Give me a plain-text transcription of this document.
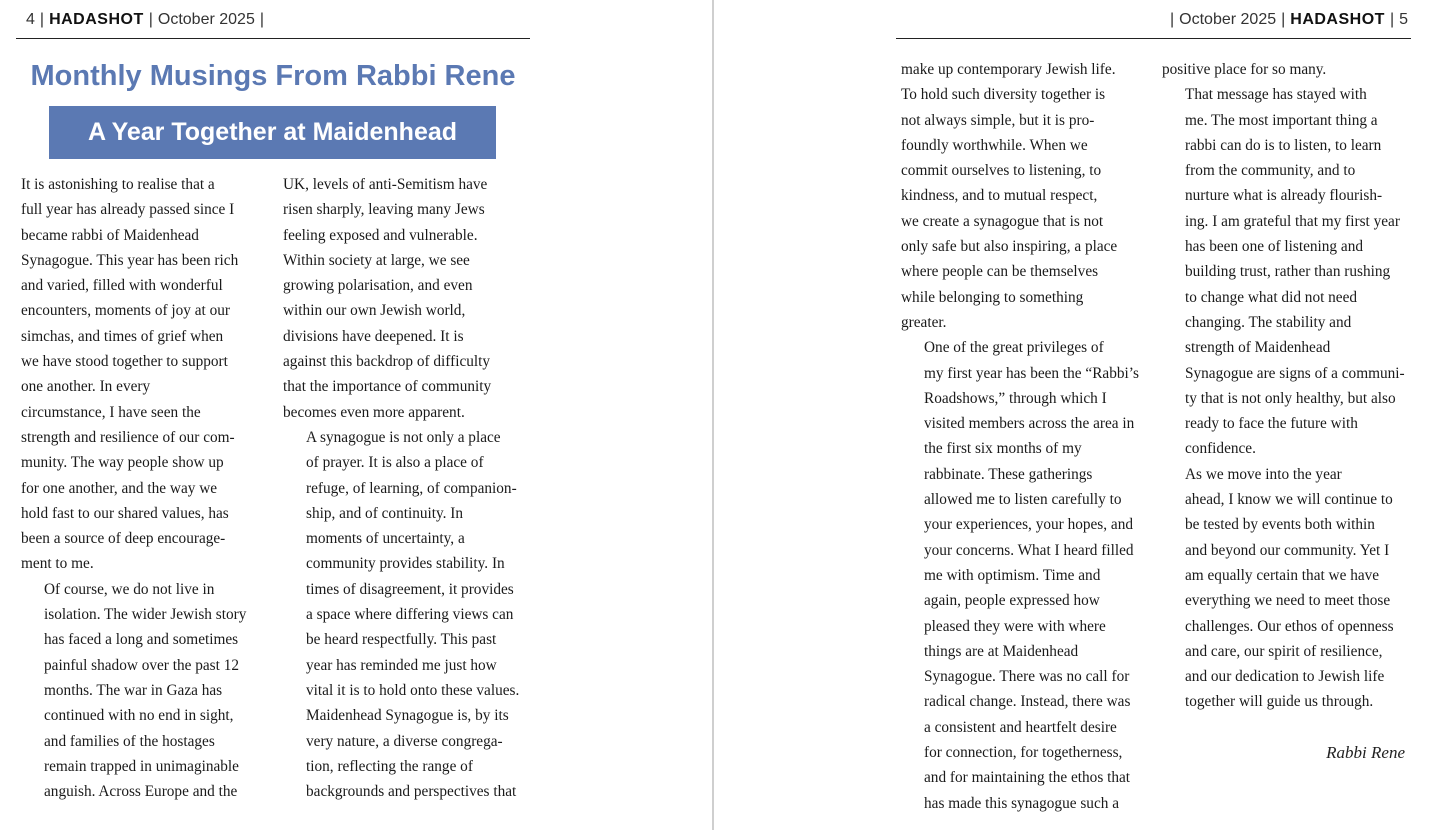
4 | HADASHOT | October 2025 |	| October 2025 | HADASHOT | 5
Monthly Musings From Rabbi Rene
A Year Together at Maidenhead

It is astonishing to realise that a
full year has already passed since I
became rabbi of Maidenhead
Synagogue. This year has been rich
and varied, filled with wonderful
encounters, moments of joy at our
simchas, and times of grief when
we have stood together to support
one another. In every
circumstance, I have seen the
strength and resilience of our com-
munity. The way people show up
for one another, and the way we
hold fast to our shared values, has
been a source of deep encourage-
ment to me.

Of course, we do not live in
isolation. The wider Jewish story
has faced a long and sometimes
painful shadow over the past 12
months. The war in Gaza has
continued with no end in sight,
and families of the hostages
remain trapped in unimaginable
anguish. Across Europe and the

UK, levels of anti-Semitism have
risen sharply, leaving many Jews
feeling exposed and vulnerable.
Within society at large, we see
growing polarisation, and even
within our own Jewish world,
divisions have deepened. It is
against this backdrop of difficulty
that the importance of community
becomes even more apparent.

A synagogue is not only a place
of prayer. It is also a place of
refuge, of learning, of companion-
ship, and of continuity. In
moments of uncertainty, a
community provides stability. In
times of disagreement, it provides
a space where differing views can
be heard respectfully. This past
year has reminded me just how
vital it is to hold onto these values.
Maidenhead Synagogue is, by its
very nature, a diverse congrega-
tion, reflecting the range of
backgrounds and perspectives that

make up contemporary Jewish life.
To hold such diversity together is
not always simple, but it is pro-
foundly worthwhile. When we
commit ourselves to listening, to
kindness, and to mutual respect,
we create a synagogue that is not
only safe but also inspiring, a place
where people can be themselves
while belonging to something
greater.

One of the great privileges of
my first year has been the “Rabbi’s
Roadshows,” through which I
visited members across the area in
the first six months of my
rabbinate. These gatherings
allowed me to listen carefully to
your experiences, your hopes, and
your concerns. What I heard filled
me with optimism. Time and
again, people expressed how
pleased they were with where
things are at Maidenhead
Synagogue. There was no call for
radical change. Instead, there was
a consistent and heartfelt desire
for connection, for togetherness,
and for maintaining the ethos that
has made this synagogue such a

positive place for so many.

That message has stayed with
me. The most important thing a
rabbi can do is to listen, to learn
from the community, and to
nurture what is already flourish-
ing. I am grateful that my first year
has been one of listening and
building trust, rather than rushing
to change what did not need
changing. The stability and
strength of Maidenhead
Synagogue are signs of a communi-
ty that is not only healthy, but also
ready to face the future with
confidence.

As we move into the year
ahead, I know we will continue to
be tested by events both within
and beyond our community. Yet I
am equally certain that we have
everything we need to meet those
challenges. Our ethos of openness
and care, our spirit of resilience,
and our dedication to Jewish life
together will guide us through.

Rabbi Rene
